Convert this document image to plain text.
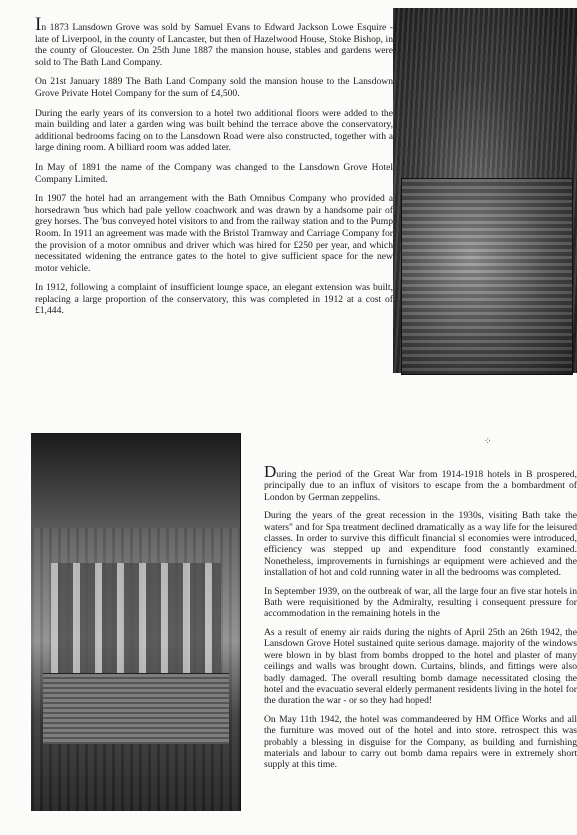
In 1873 Lansdown Grove was sold by Samuel Evans to Edward Jackson Lowe Esquire - late of Liverpool, in the county of Lancaster, but then of Hazelwood House, Stoke Bishop, in the county of Gloucester. On 25th June 1887 the mansion house, stables and gardens were sold to The Bath Land Company.

On 21st January 1889 The Bath Land Company sold the mansion house to the Lansdown Grove Private Hotel Company for the sum of £4,500.

During the early years of its conversion to a hotel two additional floors were added to the main building and later a garden wing was built behind the terrace above the conservatory, additional bedrooms facing on to the Lansdown Road were also constructed, together with a large dining room. A billiard room was added later.

In May of 1891 the name of the Company was changed to the Lansdown Grove Hotel Company Limited.

In 1907 the hotel had an arrangement with the Bath Omnibus Company who provided a horsedrawn 'bus which had pale yellow coachwork and was drawn by a handsome pair of grey horses. The 'bus conveyed hotel visitors to and from the railway station and to the Pump Room. In 1911 an agreement was made with the Bristol Tramway and Carriage Company for the provision of a motor omnibus and driver which was hired for £250 per year, and which necessitated widening the entrance gates to the hotel to give sufficient space for the new motor vehicle.

In 1912, following a complaint of insufficient lounge space, an elegant extension was built, replacing a large proportion of the conservatory, this was completed in 1912 at a cost of £1,444.

⁘

During the period of the Great War from 1914-1918 hotels in B prospered, principally due to an influx of visitors to escape from the a bombardment of London by German zeppelins.

During the years of the great recession in the 1930s, visiting Bath take the waters" and for Spa treatment declined dramatically as a way life for the leisured classes. In order to survive this difficult financial sl economies were introduced, efficiency was stepped up and expenditure food constantly examined. Nonetheless, improvements in furnishings ar equipment were achieved and the installation of hot and cold running water in all the bedrooms was completed.

In September 1939, on the outbreak of war, all the large four an five star hotels in Bath were requisitioned by the Admiralty, resulting i consequent pressure for accommodation in the remaining hotels in the

As a result of enemy air raids during the nights of April 25th an 26th 1942, the Lansdown Grove Hotel sustained quite serious damage. majority of the windows were blown in by blast from bombs dropped to the hotel and plaster of many ceilings and walls was brought down. Curtains, blinds, and fittings were also badly damaged. The overall resulting bomb damage necessitated closing the hotel and the evacuatio several elderly permanent residents living in the hotel for the duration the war - or so they had hoped!

On May 11th 1942, the hotel was commandeered by HM Office Works and all the furniture was moved out of the hotel and into store. retrospect this was probably a blessing in disguise for the Company, as building and furnishing materials and labour to carry out bomb dama repairs were in extremely short supply at this time.
